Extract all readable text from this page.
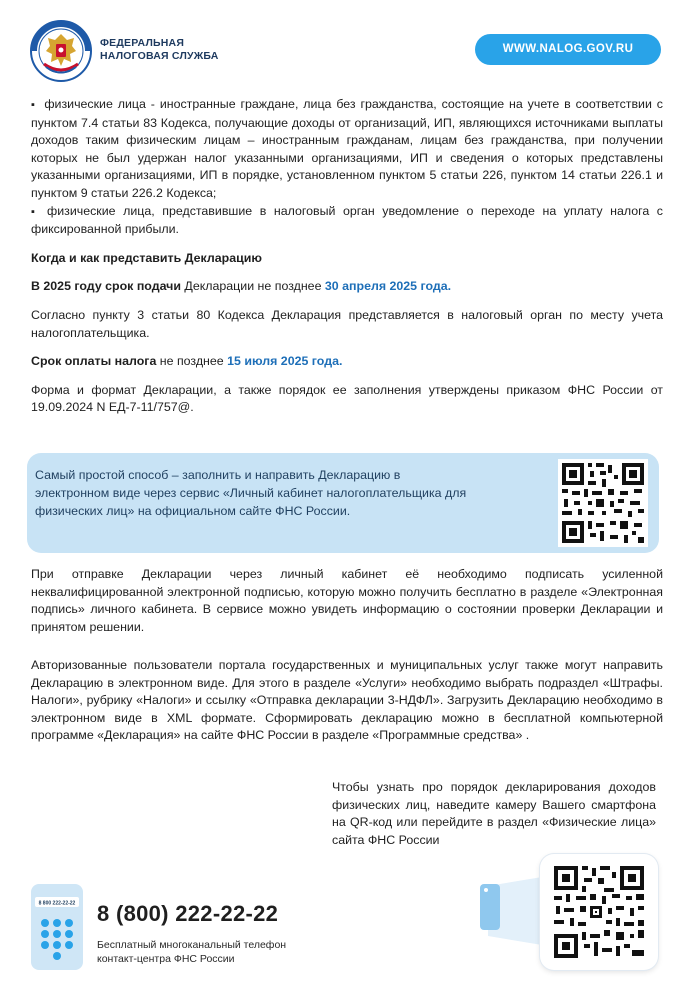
ФЕДЕРАЛЬНАЯ
НАЛОГОВАЯ СЛУЖБА
WWW.NALOG.GOV.RU

▪ физические лица - иностранные граждане, лица без гражданства, состоящие на учете в соответствии с пунктом 7.4 статьи 83 Кодекса, получающие доходы от организаций, ИП, являющихся источниками выплаты доходов таким физическим лицам – иностранным гражданам, лицам без гражданства, при получении которых не был удержан налог указанными организациями, ИП и сведения о которых представлены указанными организациями, ИП в порядке, установленном пунктом 5 статьи 226, пунктом 14 статьи 226.1 и пунктом 9 статьи 226.2 Кодекса;

▪ физические лица, представившие в налоговый орган уведомление о переходе на уплату налога с фиксированной прибыли.

Когда и как представить Декларацию

В 2025 году срок подачи Декларации не позднее 30 апреля 2025 года.

Согласно пункту 3 статьи 80 Кодекса Декларация представляется в налоговый орган по месту учета налогоплательщика.

Срок оплаты налога не позднее 15 июля 2025 года.

Форма и формат Декларации, а также порядок ее заполнения утверждены приказом ФНС России от 19.09.2024 N ЕД-7-11/757@.

Самый простой способ – заполнить и направить Декларацию в электронном виде через сервис «Личный кабинет налогоплательщика для физических лиц» на официальном сайте ФНС России.

При отправке Декларации через личный кабинет её необходимо подписать усиленной неквалифицированной электронной подписью, которую можно получить бесплатно в разделе «Электронная подпись» личного кабинета. В сервисе можно увидеть информацию о состоянии проверки Декларации и принятом решении.

Авторизованные пользователи портала государственных и муниципальных услуг также могут направить Декларацию в электронном виде. Для этого в разделе «Услуги» необходимо выбрать подраздел «Штрафы. Налоги», рубрику «Налоги» и ссылку «Отправка декларации 3-НДФЛ». Загрузить Декларацию необходимо в электронном виде в XML формате. Сформировать декларацию можно в бесплатной компьютерной программе «Декларация» на сайте ФНС России в разделе «Программные средства» .

Чтобы узнать про порядок декларирования доходов физических лиц, наведите камеру Вашего смартфона на QR-код или перейдите в раздел «Физические лица» сайта ФНС России

8 800 222-22-22 8 (800) 222-22-22
Бесплатный многоканальный телефон
контакт-центра ФНС России
